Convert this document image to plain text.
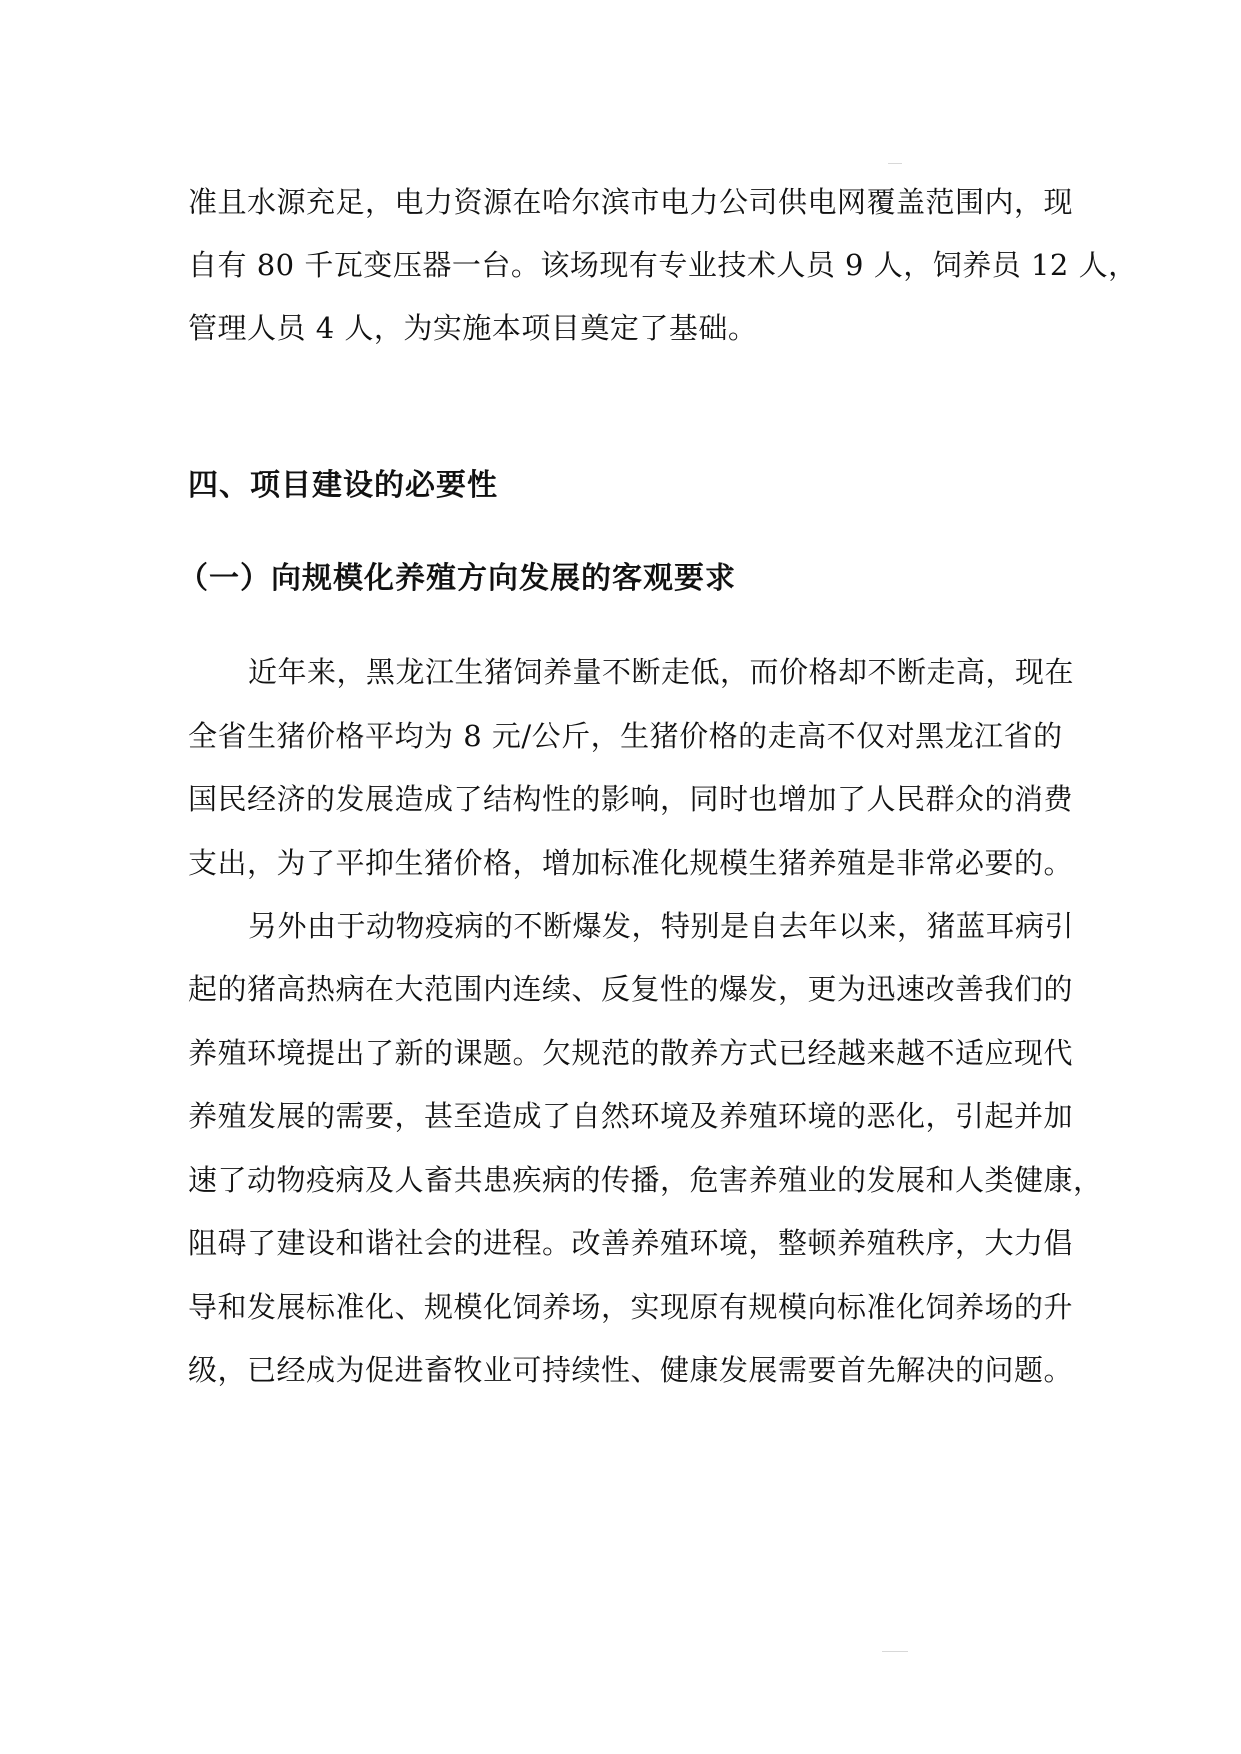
准且水源充足，电力资源在哈尔滨市电力公司供电网覆盖范围内，现
自有 80 千瓦变压器一台。该场现有专业技术人员 9 人，饲养员 12 人，
管理人员 4 人，为实施本项目奠定了基础。
四、项目建设的必要性
（一）向规模化养殖方向发展的客观要求
近年来，黑龙江生猪饲养量不断走低，而价格却不断走高，现在
全省生猪价格平均为 8 元/公斤，生猪价格的走高不仅对黑龙江省的
国民经济的发展造成了结构性的影响，同时也增加了人民群众的消费
支出，为了平抑生猪价格，增加标准化规模生猪养殖是非常必要的。
另外由于动物疫病的不断爆发，特别是自去年以来，猪蓝耳病引
起的猪高热病在大范围内连续、反复性的爆发，更为迅速改善我们的
养殖环境提出了新的课题。欠规范的散养方式已经越来越不适应现代
养殖发展的需要，甚至造成了自然环境及养殖环境的恶化，引起并加
速了动物疫病及人畜共患疾病的传播，危害养殖业的发展和人类健康，
阻碍了建设和谐社会的进程。改善养殖环境，整顿养殖秩序，大力倡
导和发展标准化、规模化饲养场，实现原有规模向标准化饲养场的升
级，已经成为促进畜牧业可持续性、健康发展需要首先解决的问题。
